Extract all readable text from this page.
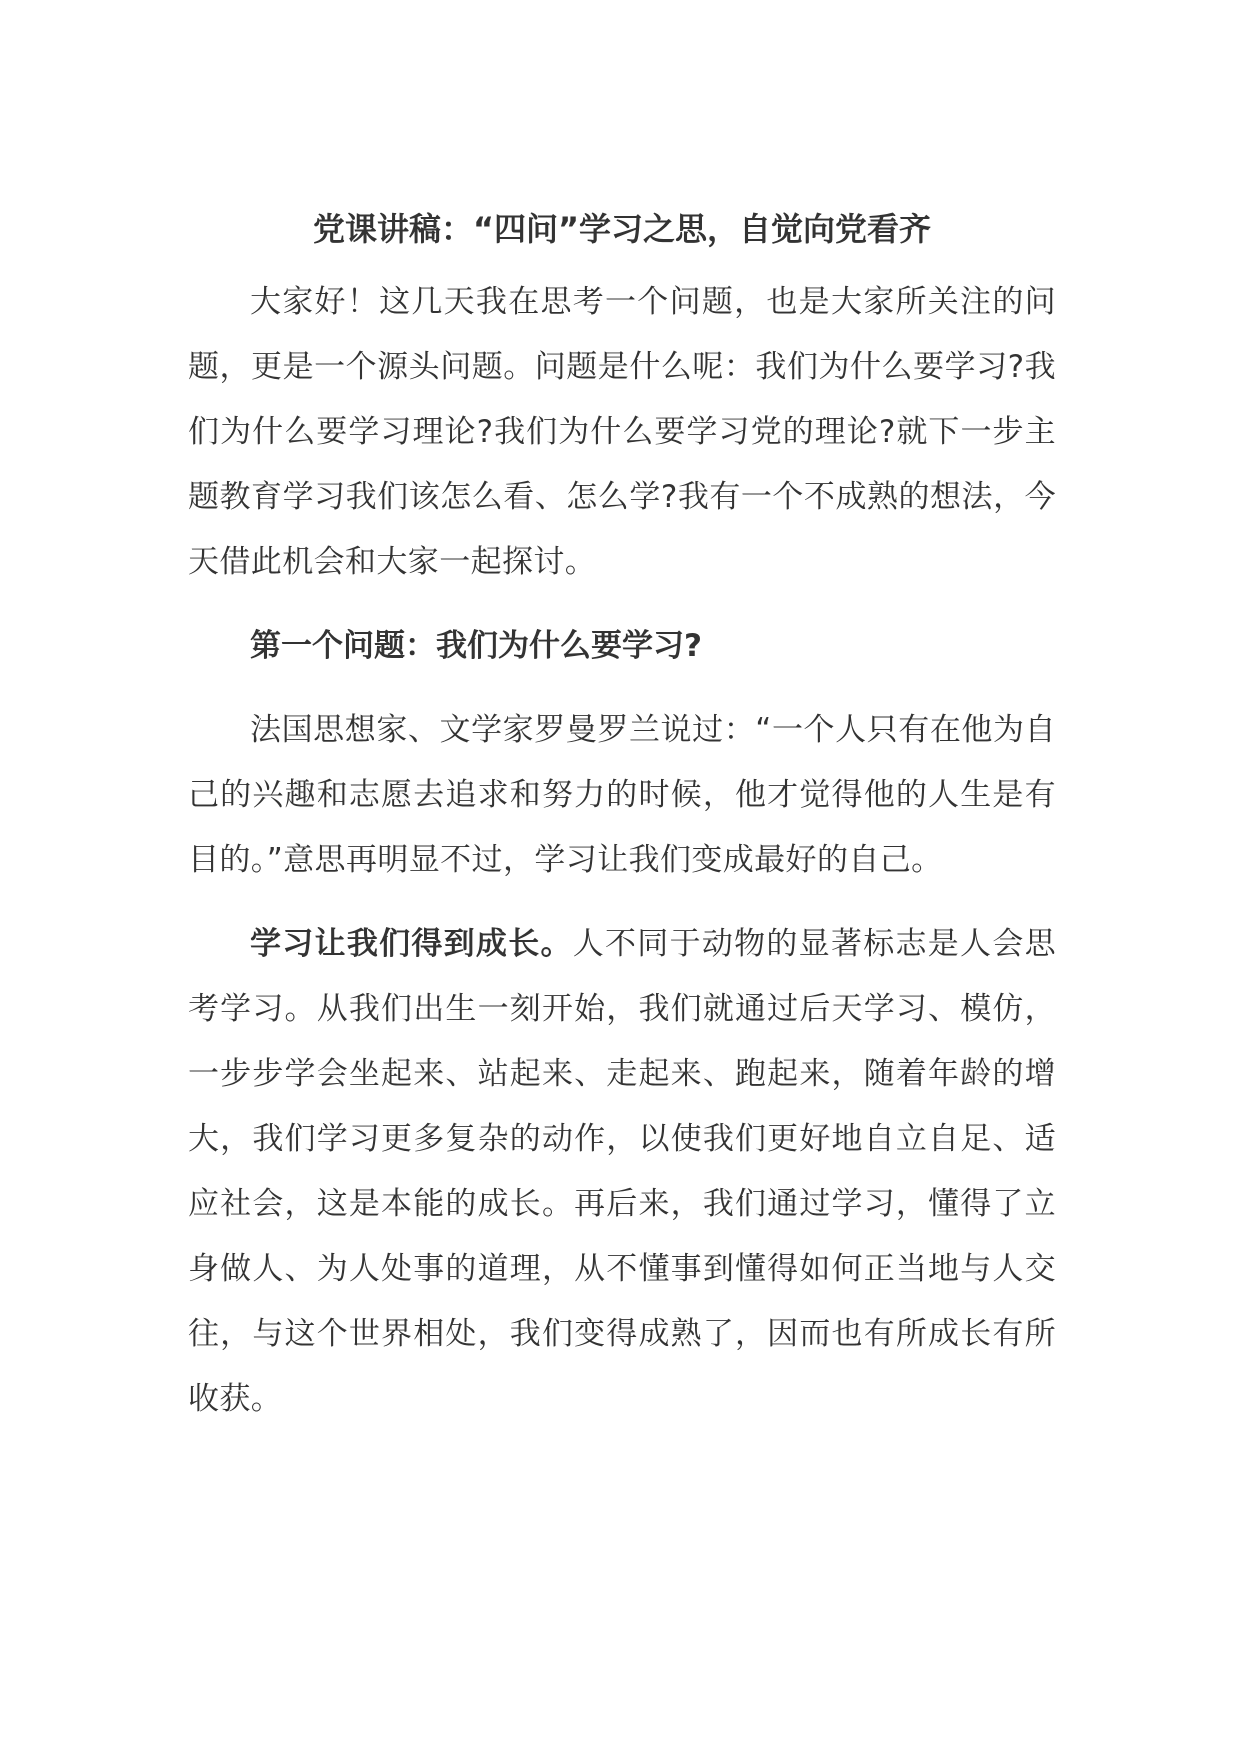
党课讲稿：“四问”学习之思，自觉向党看齐

大家好！这几天我在思考一个问题，也是大家所关注的问题，更是一个源头问题。问题是什么呢：我们为什么要学习?我们为什么要学习理论?我们为什么要学习党的理论?就下一步主题教育学习我们该怎么看、怎么学?我有一个不成熟的想法，今天借此机会和大家一起探讨。

第一个问题：我们为什么要学习?

法国思想家、文学家罗曼罗兰说过：“一个人只有在他为自己的兴趣和志愿去追求和努力的时候，他才觉得他的人生是有目的。”意思再明显不过，学习让我们变成最好的自己。

学习让我们得到成长。人不同于动物的显著标志是人会思考学习。从我们出生一刻开始，我们就通过后天学习、模仿，一步步学会坐起来、站起来、走起来、跑起来，随着年龄的增大，我们学习更多复杂的动作，以使我们更好地自立自足、适应社会，这是本能的成长。再后来，我们通过学习，懂得了立身做人、为人处事的道理，从不懂事到懂得如何正当地与人交往，与这个世界相处，我们变得成熟了，因而也有所成长有所收获。
